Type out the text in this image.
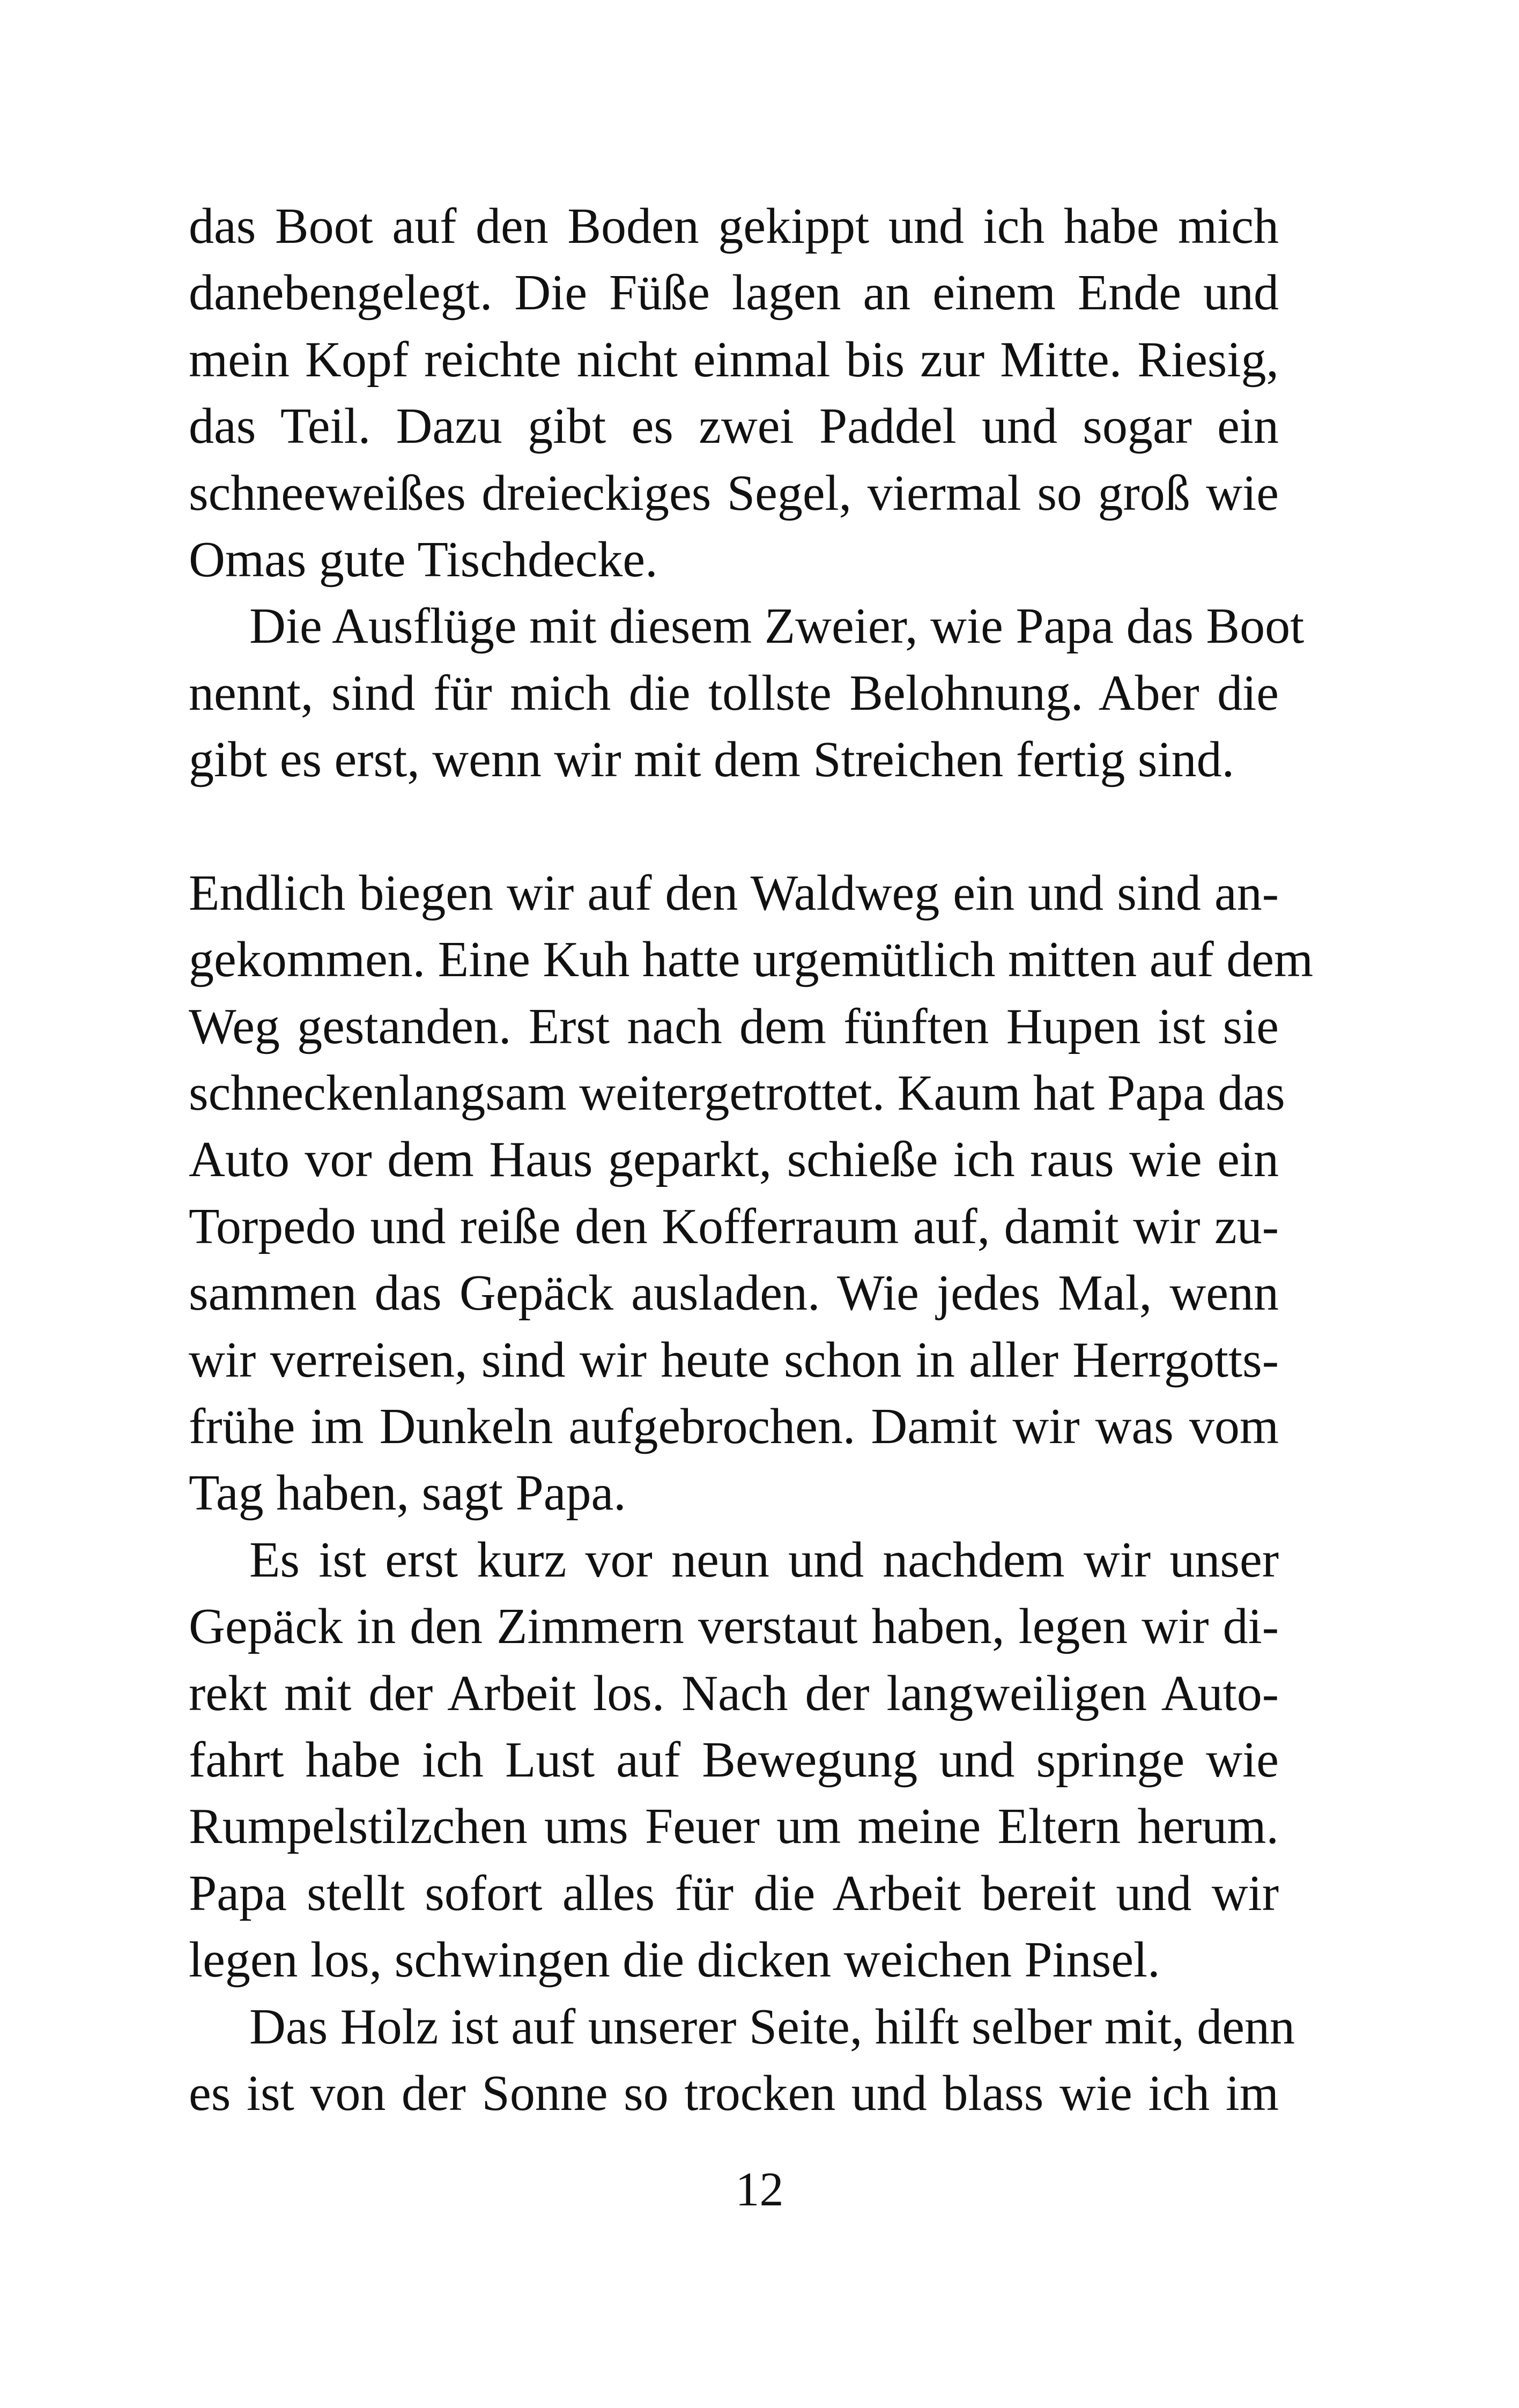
das Boot auf den Boden gekippt und ich habe mich
danebengelegt. Die Füße lagen an einem Ende und
mein Kopf reichte nicht einmal bis zur Mitte. Riesig,
das Teil. Dazu gibt es zwei Paddel und sogar ein
schneeweißes dreieckiges Segel, viermal so groß wie
Omas gute Tischdecke.
Die Ausflüge mit diesem Zweier, wie Papa das Boot
nennt, sind für mich die tollste Belohnung. Aber die
gibt es erst, wenn wir mit dem Streichen fertig sind.
Endlich biegen wir auf den Waldweg ein und sind an-
gekommen. Eine Kuh hatte urgemütlich mitten auf dem
Weg gestanden. Erst nach dem fünften Hupen ist sie
schneckenlangsam weitergetrottet. Kaum hat Papa das
Auto vor dem Haus geparkt, schieße ich raus wie ein
Torpedo und reiße den Kofferraum auf, damit wir zu-
sammen das Gepäck ausladen. Wie jedes Mal, wenn
wir verreisen, sind wir heute schon in aller Herrgotts-
frühe im Dunkeln aufgebrochen. Damit wir was vom
Tag haben, sagt Papa.
Es ist erst kurz vor neun und nachdem wir unser
Gepäck in den Zimmern verstaut haben, legen wir di-
rekt mit der Arbeit los. Nach der langweiligen Auto-
fahrt habe ich Lust auf Bewegung und springe wie
Rumpelstilzchen ums Feuer um meine Eltern herum.
Papa stellt sofort alles für die Arbeit bereit und wir
legen los, schwingen die dicken weichen Pinsel.
Das Holz ist auf unserer Seite, hilft selber mit, denn
es ist von der Sonne so trocken und blass wie ich im
12
